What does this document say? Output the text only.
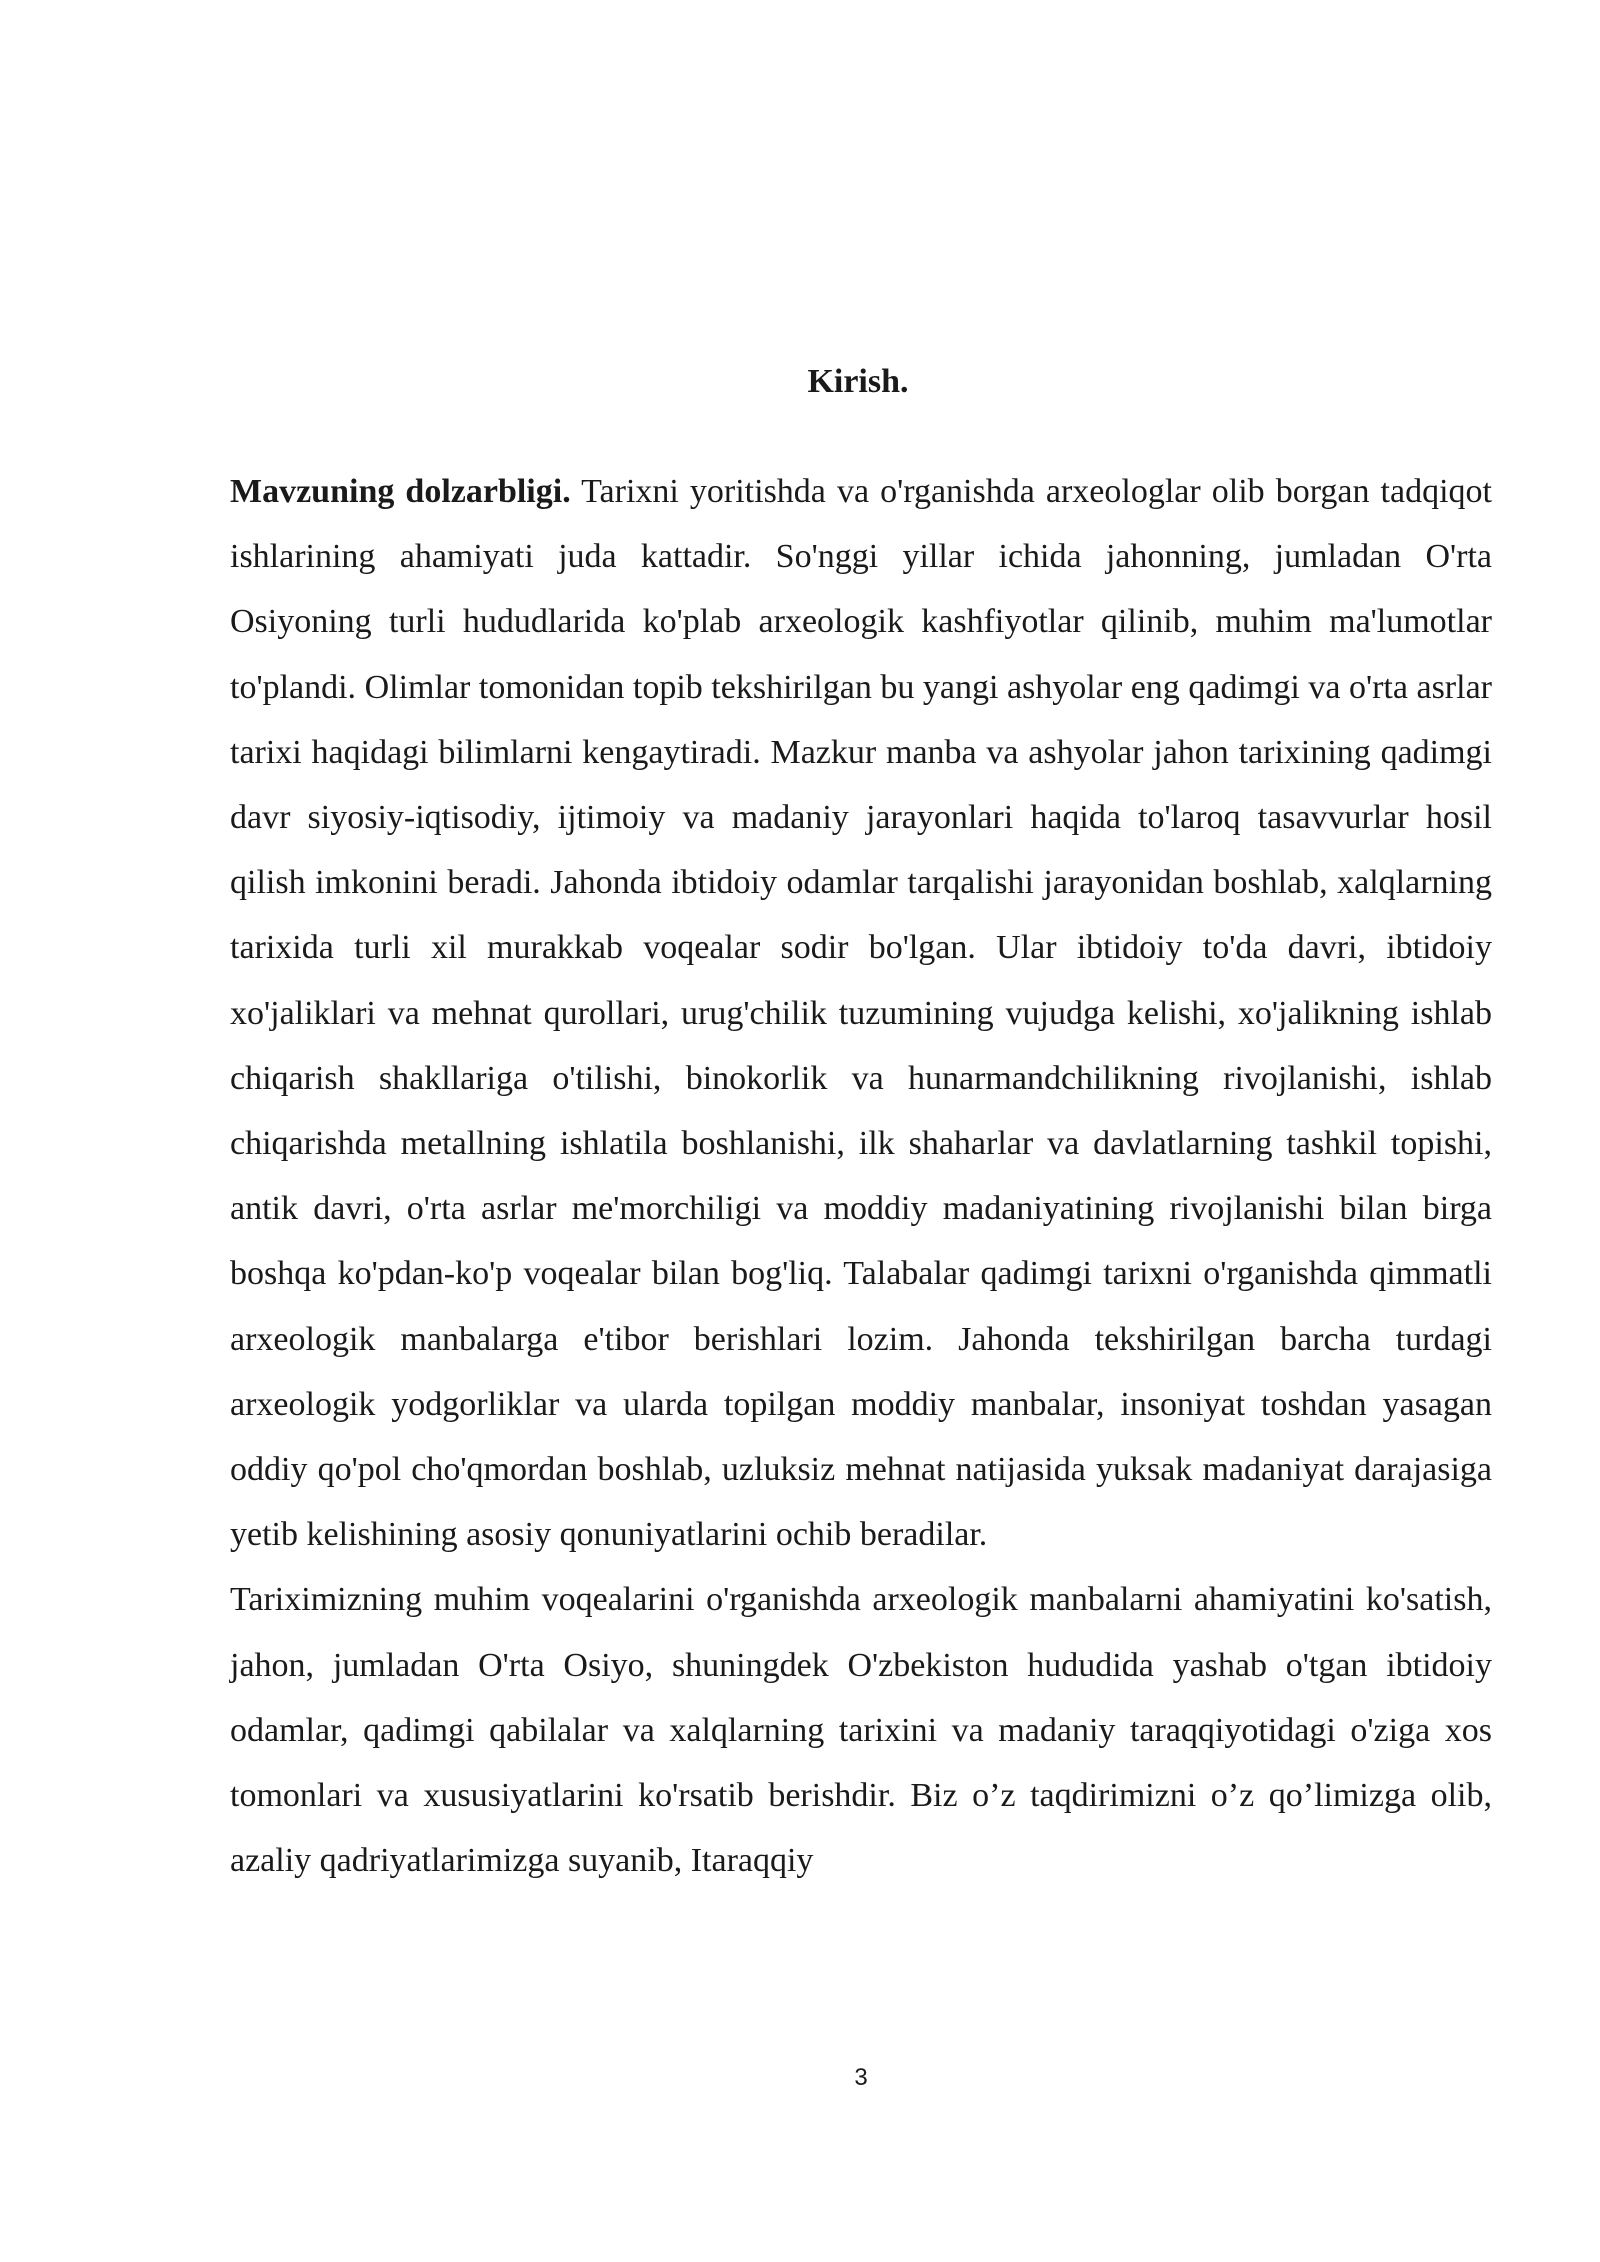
Kirish.

Mavzuning dolzarbligi. Tarixni yoritishda va o'rganishda arxeologlar olib borgan tadqiqot ishlarining ahamiyati juda kattadir. So'nggi yillar ichida jahonning, jumladan O'rta Osiyoning turli hududlarida ko'plab arxeologik kashfiyotlar qilinib, muhim ma'lumotlar to'plandi. Olimlar tomonidan topib tekshirilgan bu yangi ashyolar eng qadimgi va o'rta asrlar tarixi haqidagi bilimlarni kengaytiradi. Mazkur manba va ashyolar jahon tarixining qadimgi davr siyosiy-iqtisodiy, ijtimoiy va madaniy jarayonlari haqida to'laroq tasavvurlar hosil qilish imkonini beradi. Jahonda ibtidoiy odamlar tarqalishi jarayonidan boshlab, xalqlarning tarixida turli xil murakkab voqealar sodir bo'lgan. Ular ibtidoiy to'da davri, ibtidoiy xo'jaliklari va mehnat qurollari, urug'chilik tuzumining vujudga kelishi, xo'jalikning ishlab chiqarish shakllariga o'tilishi, binokorlik va hunarmandchilikning rivojlanishi, ishlab chiqarishda metallning ishlatila boshlanishi, ilk shaharlar va davlatlarning tashkil topishi, antik davri, o'rta asrlar me'morchiligi va moddiy madaniyatining rivojlanishi bilan birga boshqa ko'pdan-ko'p voqealar bilan bog'liq. Talabalar qadimgi tarixni o'rganishda qimmatli arxeologik manbalarga e'tibor berishlari lozim. Jahonda tekshirilgan barcha turdagi arxeologik yodgorliklar va ularda topilgan moddiy manbalar, insoniyat toshdan yasagan oddiy qo'pol cho'qmordan boshlab, uzluksiz mehnat natijasida yuksak madaniyat darajasiga yetib kelishining asosiy qonuniyatlarini ochib beradilar.

Tariximizning muhim voqealarini o'rganishda arxeologik manbalarni ahamiyatini ko'satish, jahon, jumladan O'rta Osiyo, shuningdek O'zbekiston hududida yashab o'tgan ibtidoiy odamlar, qadimgi qabilalar va xalqlarning tarixini va madaniy taraqqiyotidagi o'ziga xos tomonlari va xususiyatlarini ko'rsatib berishdir. Biz o’z taqdirimizni o’z qo’limizga olib, azaliy qadriyatlarimizga suyanib, Itaraqqiy

3
